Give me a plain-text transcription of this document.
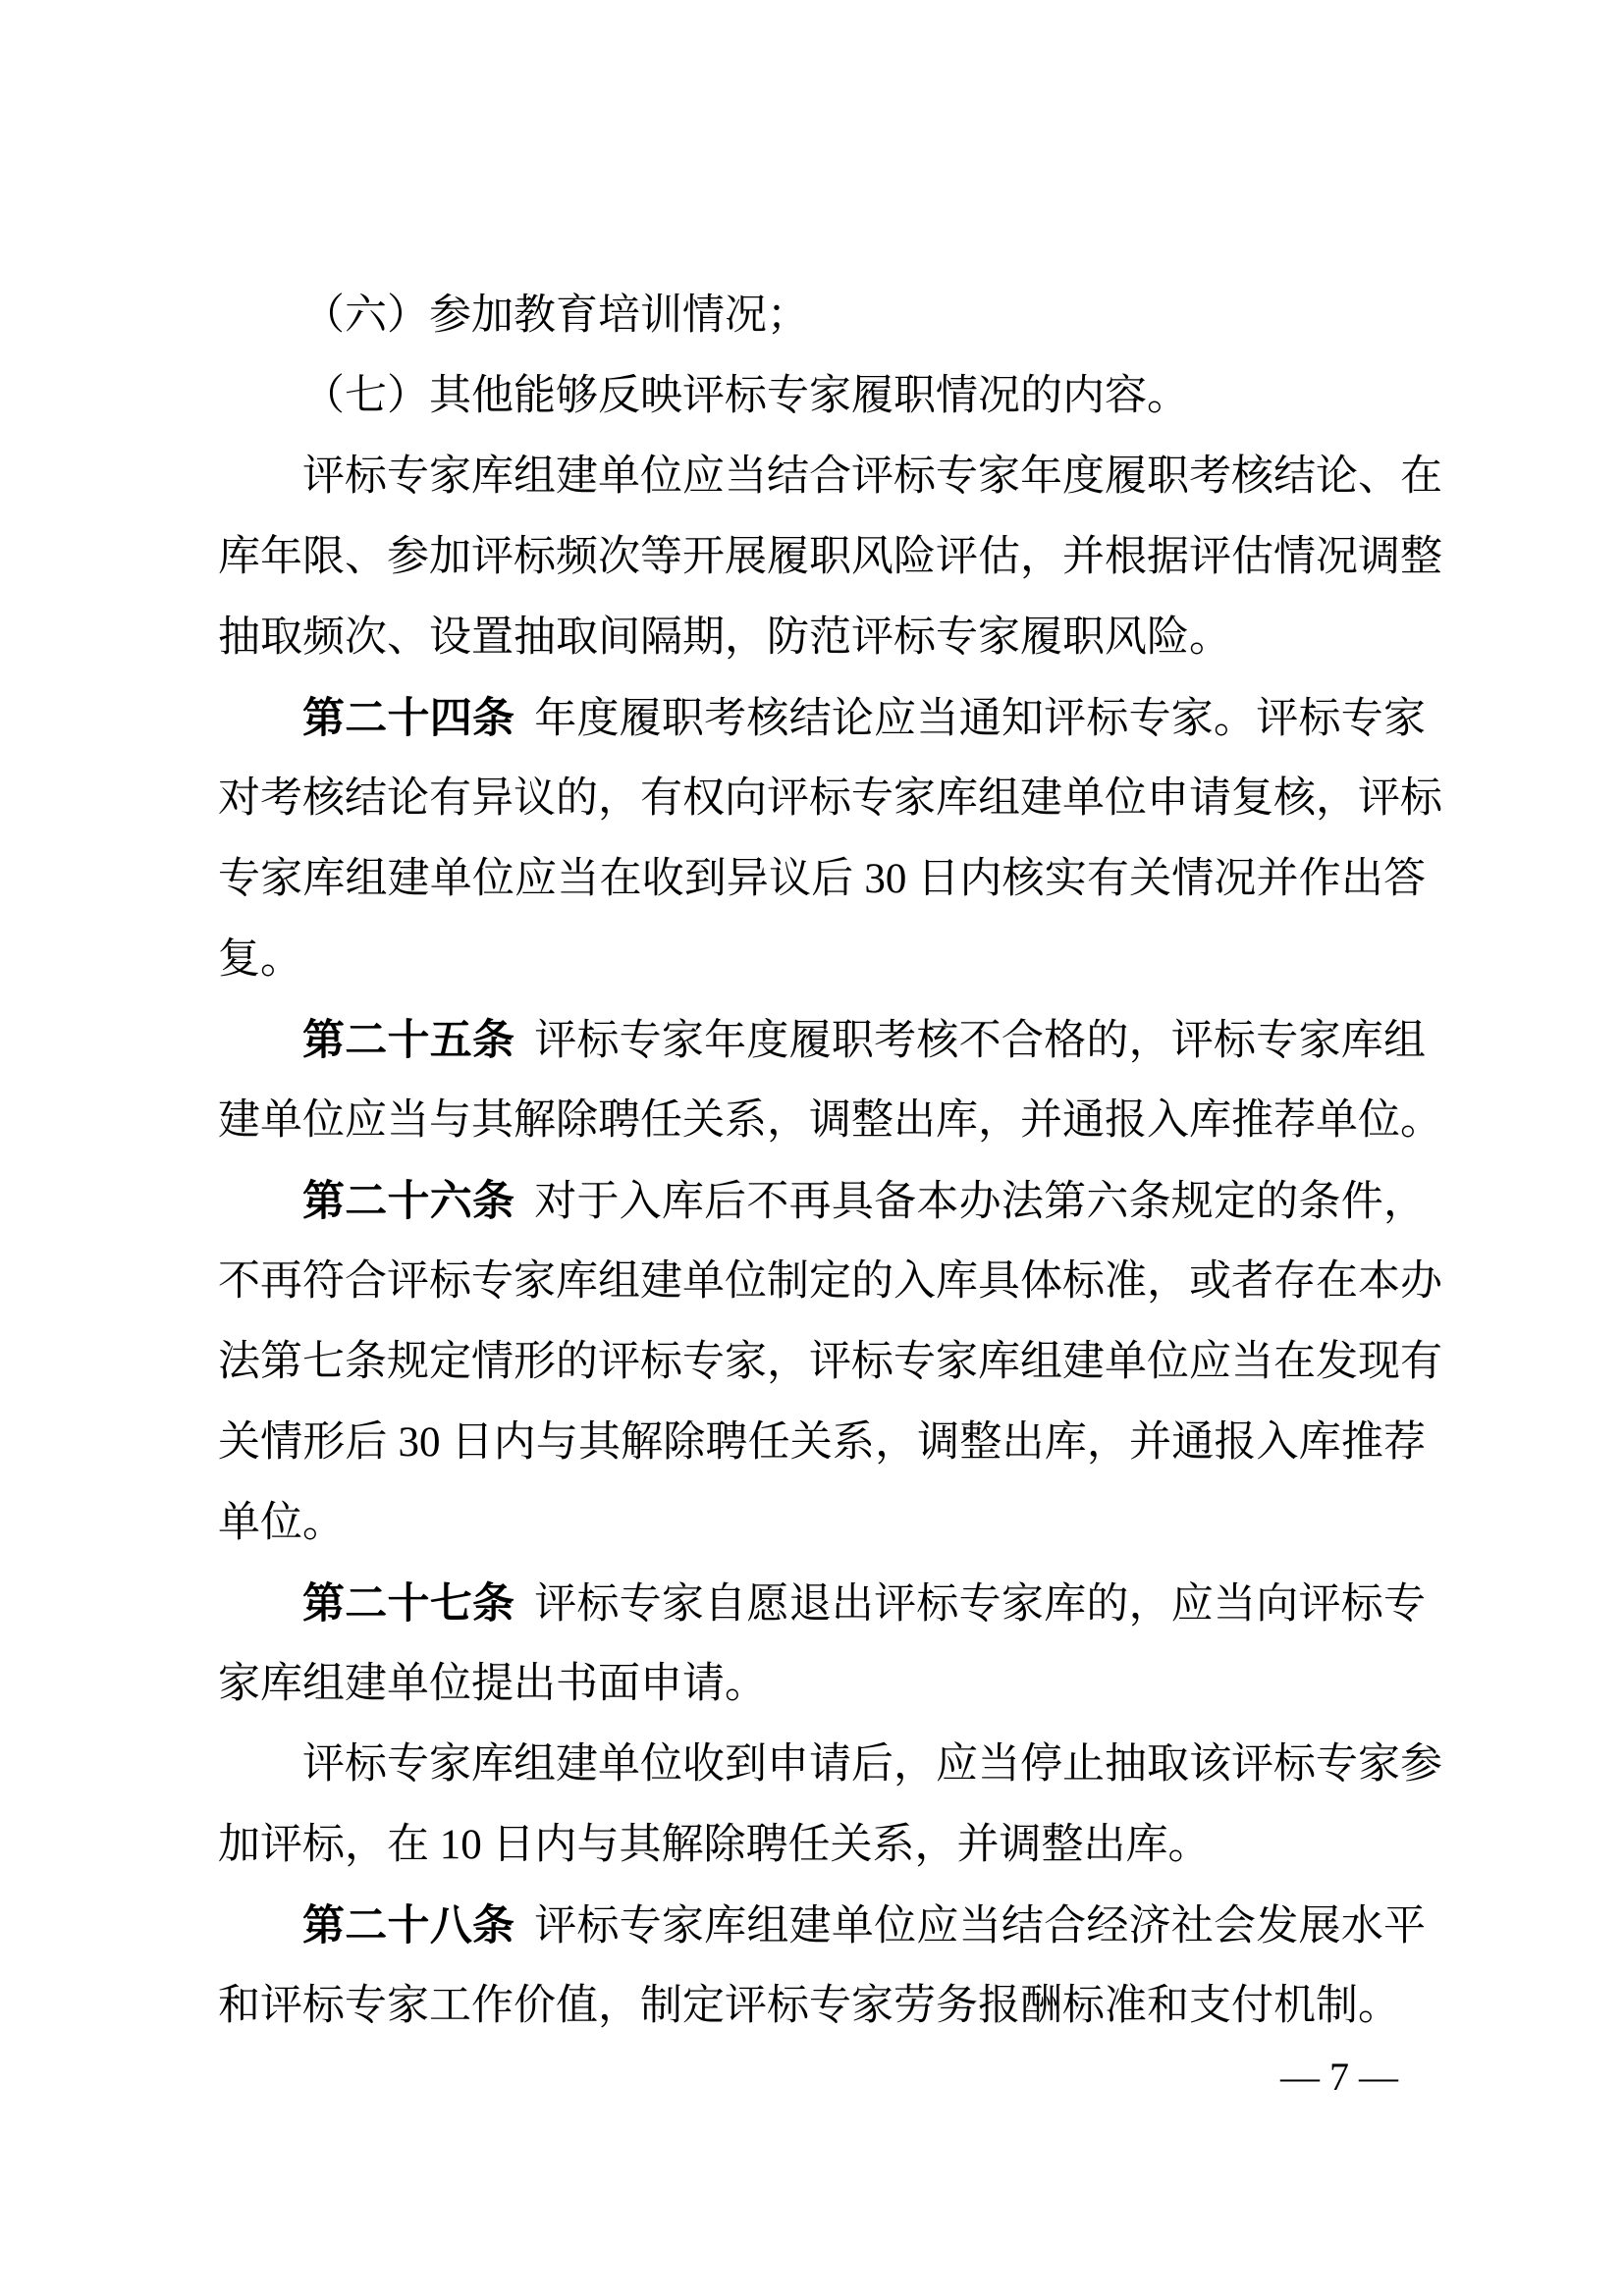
（六）参加教育培训情况；
（七）其他能够反映评标专家履职情况的内容。
评标专家库组建单位应当结合评标专家年度履职考核结论、在
库年限、参加评标频次等开展履职风险评估，并根据评估情况调整
抽取频次、设置抽取间隔期，防范评标专家履职风险。
第二十四条 年度履职考核结论应当通知评标专家。评标专家
对考核结论有异议的，有权向评标专家库组建单位申请复核，评标
专家库组建单位应当在收到异议后 30 日内核实有关情况并作出答
复。
第二十五条 评标专家年度履职考核不合格的，评标专家库组
建单位应当与其解除聘任关系，调整出库，并通报入库推荐单位。
第二十六条 对于入库后不再具备本办法第六条规定的条件，
不再符合评标专家库组建单位制定的入库具体标准，或者存在本办
法第七条规定情形的评标专家，评标专家库组建单位应当在发现有
关情形后 30 日内与其解除聘任关系，调整出库，并通报入库推荐
单位。
第二十七条 评标专家自愿退出评标专家库的，应当向评标专
家库组建单位提出书面申请。
评标专家库组建单位收到申请后，应当停止抽取该评标专家参
加评标，在 10 日内与其解除聘任关系，并调整出库。
第二十八条 评标专家库组建单位应当结合经济社会发展水平
和评标专家工作价值，制定评标专家劳务报酬标准和支付机制。
— 7 —
